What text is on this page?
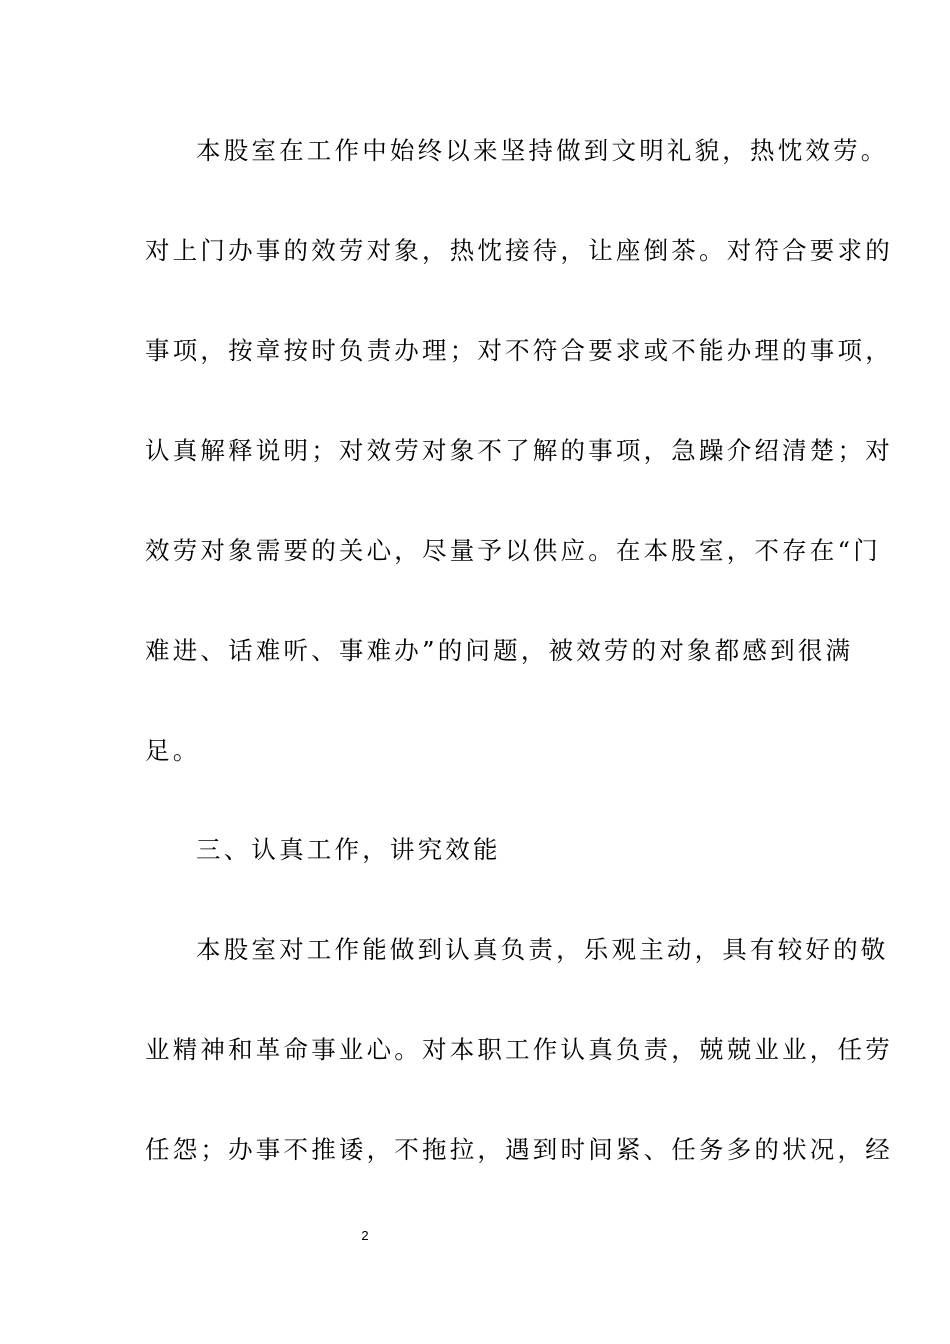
本股室在工作中始终以来坚持做到文明礼貌，热忱效劳。
对上门办事的效劳对象，热忱接待，让座倒茶。对符合要求的
事项，按章按时负责办理；对不符合要求或不能办理的事项，
认真解释说明；对效劳对象不了解的事项，急躁介绍清楚；对
效劳对象需要的关心，尽量予以供应。在本股室，不存在“门
难进、话难听、事难办”的问题，被效劳的对象都感到很满
足。
三、认真工作，讲究效能
本股室对工作能做到认真负责，乐观主动，具有较好的敬
业精神和革命事业心。对本职工作认真负责，兢兢业业，任劳
任怨；办事不推诿，不拖拉，遇到时间紧、任务多的状况，经
2
